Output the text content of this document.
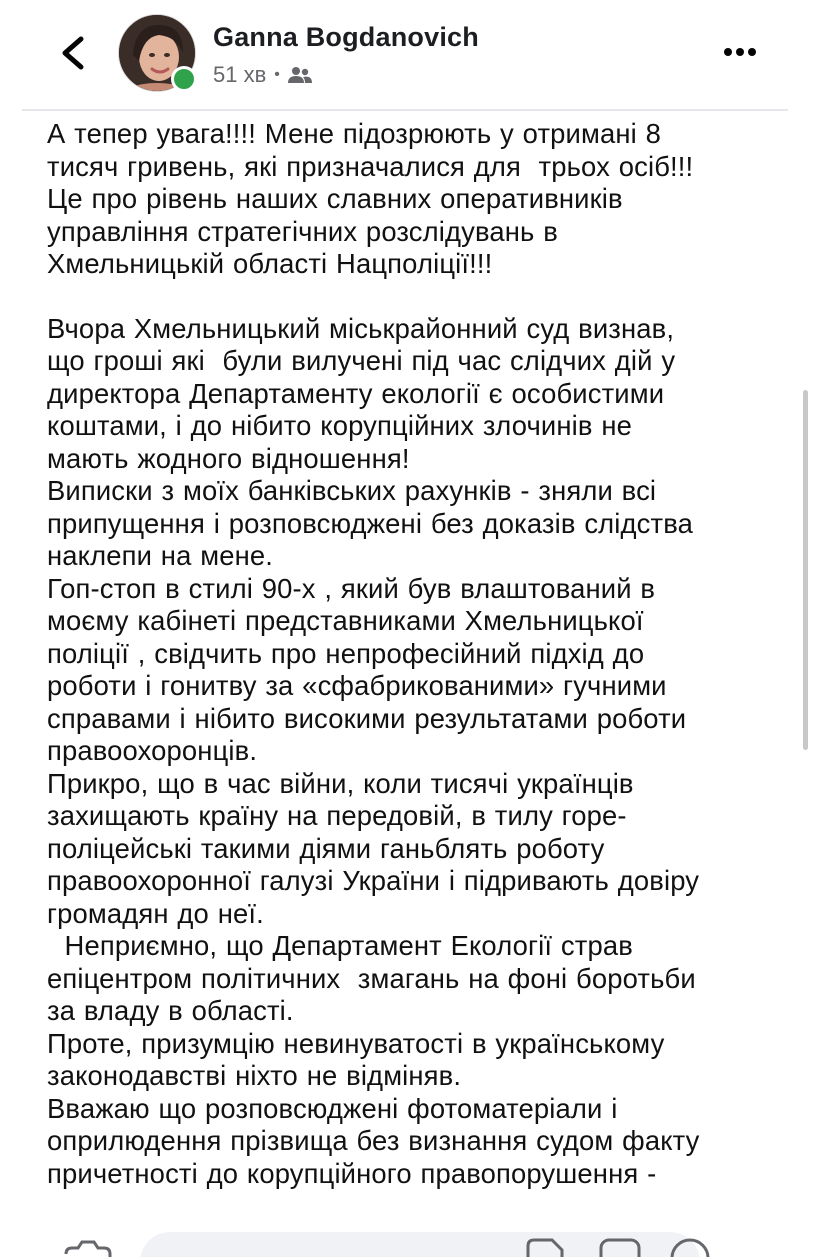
Ganna Bogdanovich
51 хв •

А тепер увага!!!! Мене підозрюють у отримані 8
тисяч гривень, які призначалися для  трьох осіб!!!
Це про рівень наших славних оперативників
управління стратегічних розслідувань в
Хмельницькій області Нацполіції!!!

Вчора Хмельницький міськрайонний суд визнав,
що гроші які  були вилучені під час слідчих дій у
директора Департаменту екології є особистими
коштами, і до нібито корупційних злочинів не
мають жодного відношення!
Виписки з моїх банківських рахунків - зняли всі
припущення і розповсюджені без доказів слідства
наклепи на мене.
Гоп-стоп в стилі 90-х , який був влаштований в
моєму кабінеті представниками Хмельницької
поліції , свідчить про непрофесійний підхід до
роботи і гонитву за «сфабрикованими» гучними
справами і нібито високими результатами роботи
правоохоронців.
Прикро, що в час війни, коли тисячі українців
захищають країну на передовій, в тилу горе-
поліцейські такими діями ганьблять роботу
правоохоронної галузі України і підривають довіру
громадян до неї.
Неприємно, що Департамент Екології страв
епіцентром політичних  змагань на фоні боротьби
за владу в області.
Проте, призумцію невинуватості в українському
законодавстві ніхто не відміняв.
Вважаю що розповсюджені фотоматеріали і
оприлюдення прізвища без визнання судом факту
причетності до корупційного правопорушення -
